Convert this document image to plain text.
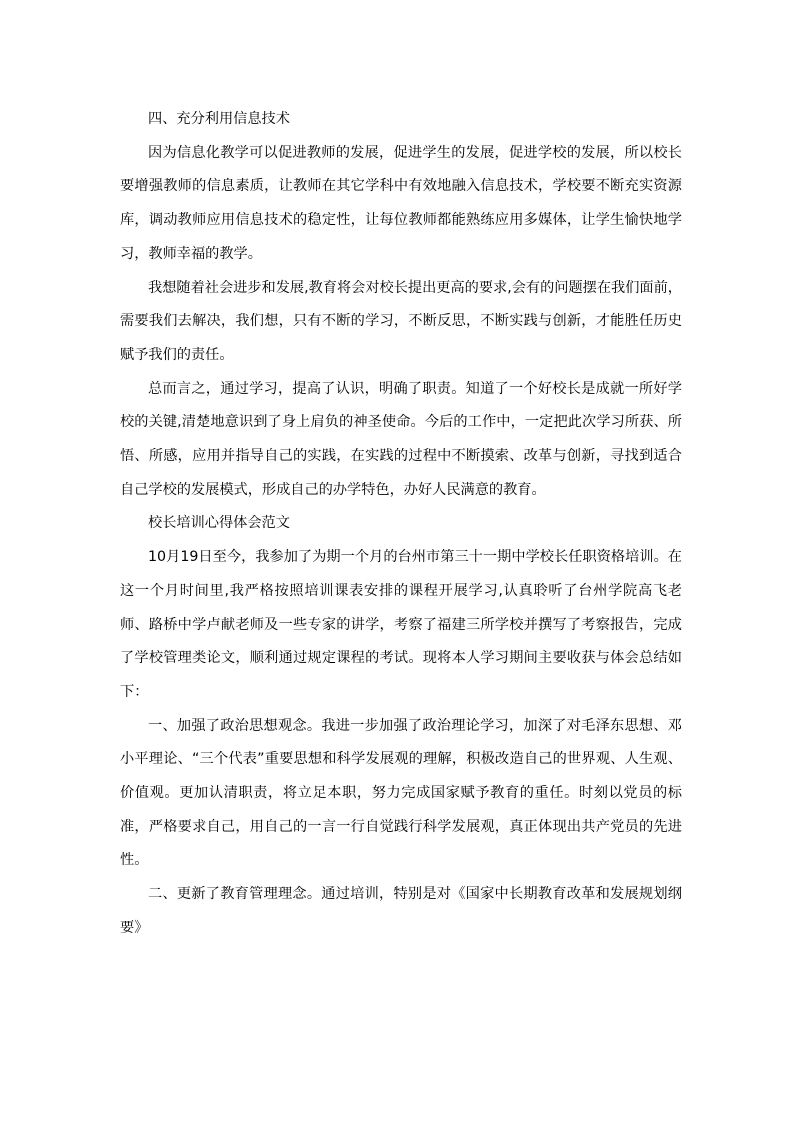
四、充分利用信息技术

因为信息化教学可以促进教师的发展，促进学生的发展，促进学校的发展，所以校长要增强教师的信息素质，让教师在其它学科中有效地融入信息技术，学校要不断充实资源库，调动教师应用信息技术的稳定性，让每位教师都能熟练应用多媒体，让学生愉快地学习，教师幸福的教学。

我想随着社会进步和发展,教育将会对校长提出更高的要求,会有的问题摆在我们面前，需要我们去解决，我们想，只有不断的学习，不断反思，不断实践与创新，才能胜任历史赋予我们的责任。

总而言之，通过学习，提高了认识，明确了职责。知道了一个好校长是成就一所好学校的关键,清楚地意识到了身上肩负的神圣使命。今后的工作中，一定把此次学习所获、所悟、所感，应用并指导自己的实践，在实践的过程中不断摸索、改革与创新，寻找到适合自己学校的发展模式，形成自己的办学特色，办好人民满意的教育。

校长培训心得体会范文

10月19日至今，我参加了为期一个月的台州市第三十一期中学校长任职资格培训。在这一个月时间里,我严格按照培训课表安排的课程开展学习,认真聆听了台州学院高飞老师、路桥中学卢献老师及一些专家的讲学，考察了福建三所学校并撰写了考察报告，完成了学校管理类论文，顺利通过规定课程的考试。现将本人学习期间主要收获与体会总结如下：

一、加强了政治思想观念。我进一步加强了政治理论学习，加深了对毛泽东思想、邓小平理论、“三个代表”重要思想和科学发展观的理解，积极改造自己的世界观、人生观、价值观。更加认清职责，将立足本职，努力完成国家赋予教育的重任。时刻以党员的标准，严格要求自己，用自己的一言一行自觉践行科学发展观，真正体现出共产党员的先进性。

二、更新了教育管理理念。通过培训，特别是对《国家中长期教育改革和发展规划纲要》
